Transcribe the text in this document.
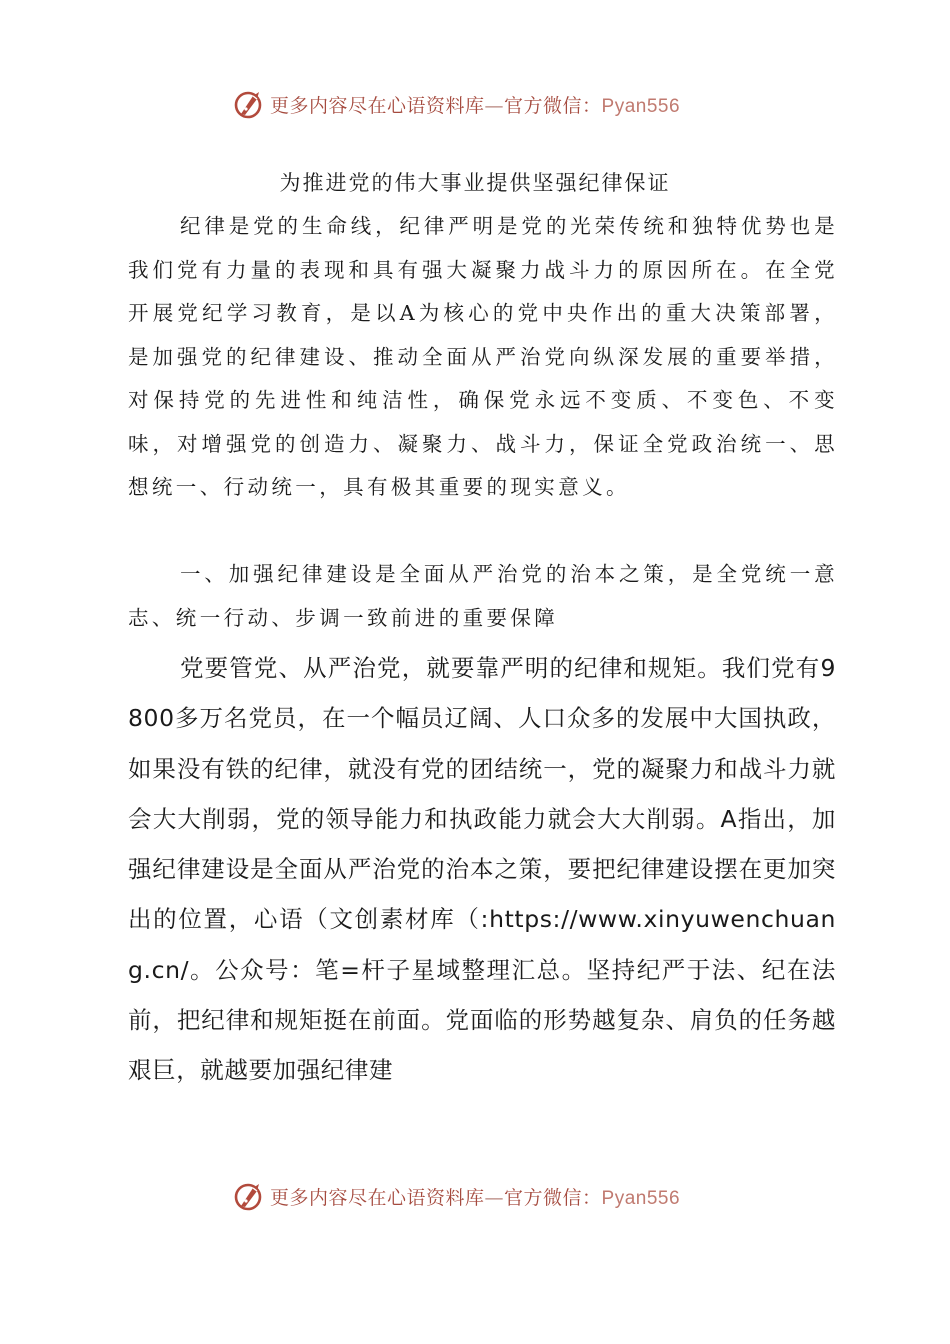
更多内容尽在心语资料库—官方微信：Pyan556
为推进党的伟大事业提供坚强纪律保证

纪律是党的生命线，纪律严明是党的光荣传统和独特优势也是我们党有力量的表现和具有强大凝聚力战斗力的原因所在。在全党开展党纪学习教育，是以A为核心的党中央作出的重大决策部署，是加强党的纪律建设、推动全面从严治党向纵深发展的重要举措，对保持党的先进性和纯洁性，确保党永远不变质、不变色、不变味，对增强党的创造力、凝聚力、战斗力，保证全党政治统一、思想统一、行动统一，具有极其重要的现实意义。

一、加强纪律建设是全面从严治党的治本之策，是全党统一意志、统一行动、步调一致前进的重要保障

党要管党、从严治党，就要靠严明的纪律和规矩。我们党有9800多万名党员，在一个幅员辽阔、人口众多的发展中大国执政，如果没有铁的纪律，就没有党的团结统一，党的凝聚力和战斗力就会大大削弱，党的领导能力和执政能力就会大大削弱。A指出，加强纪律建设是全面从严治党的治本之策，要把纪律建设摆在更加突出的位置，心语（文创素材库（:https://www.xinyuwenchuang.cn/。公众号：笔=杆子星域整理汇总。坚持纪严于法、纪在法前，把纪律和规矩挺在前面。党面临的形势越复杂、肩负的任务越艰巨，就越要加强纪律建

更多内容尽在心语资料库—官方微信：Pyan556
